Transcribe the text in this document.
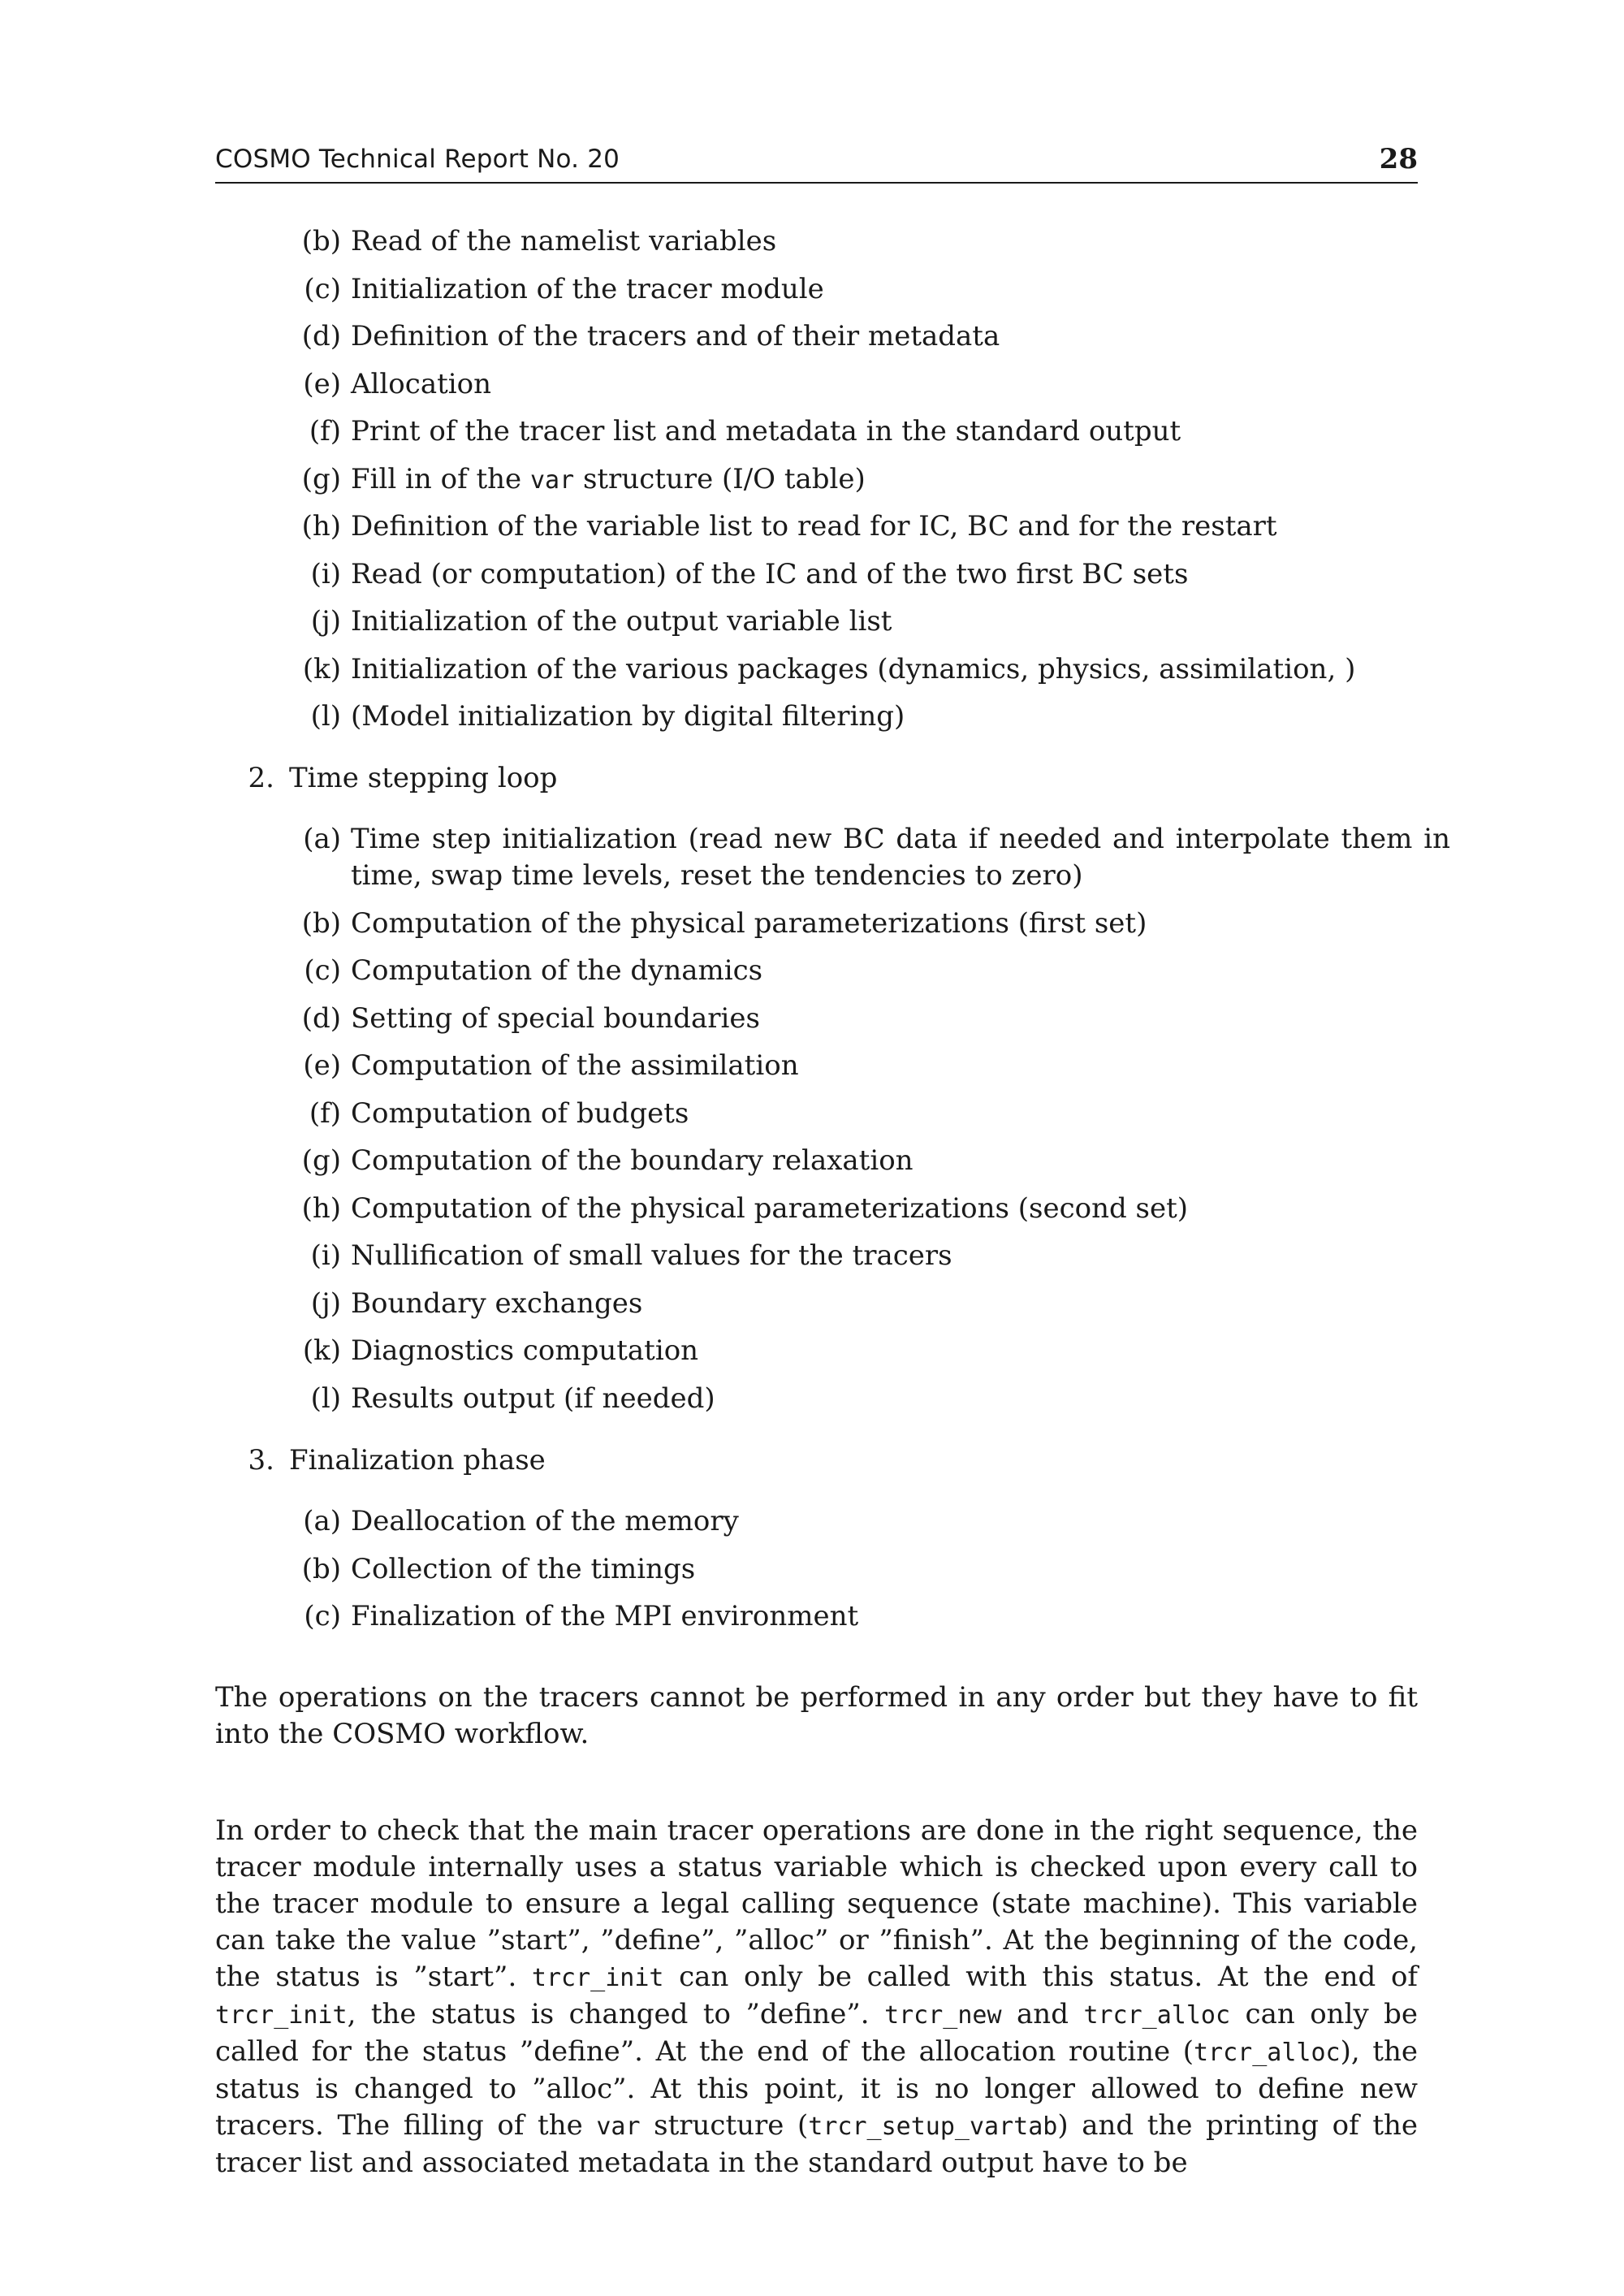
COSMO Technical Report No. 20	28
(b) Read of the namelist variables
(c) Initialization of the tracer module
(d) Definition of the tracers and of their metadata
(e) Allocation
(f) Print of the tracer list and metadata in the standard output
(g) Fill in of the var structure (I/O table)
(h) Definition of the variable list to read for IC, BC and for the restart
(i) Read (or computation) of the IC and of the two first BC sets
(j) Initialization of the output variable list
(k) Initialization of the various packages (dynamics, physics, assimilation, )
(l) (Model initialization by digital filtering)
2. Time stepping loop
(a) Time step initialization (read new BC data if needed and interpolate them in time, swap time levels, reset the tendencies to zero)
(b) Computation of the physical parameterizations (first set)
(c) Computation of the dynamics
(d) Setting of special boundaries
(e) Computation of the assimilation
(f) Computation of budgets
(g) Computation of the boundary relaxation
(h) Computation of the physical parameterizations (second set)
(i) Nullification of small values for the tracers
(j) Boundary exchanges
(k) Diagnostics computation
(l) Results output (if needed)
3. Finalization phase
(a) Deallocation of the memory
(b) Collection of the timings
(c) Finalization of the MPI environment

The operations on the tracers cannot be performed in any order but they have to fit into the COSMO workflow.

In order to check that the main tracer operations are done in the right sequence, the tracer module internally uses a status variable which is checked upon every call to the tracer module to ensure a legal calling sequence (state machine). This variable can take the value ”start”, ”define”, ”alloc” or ”finish”. At the beginning of the code, the status is ”start”. trcr_init can only be called with this status. At the end of trcr_init, the status is changed to ”define”. trcr_new and trcr_alloc can only be called for the status ”define”. At the end of the allocation routine (trcr_alloc), the status is changed to ”alloc”. At this point, it is no longer allowed to define new tracers. The filling of the var structure (trcr_setup_vartab) and the printing of the tracer list and associated metadata in the standard output have to be
